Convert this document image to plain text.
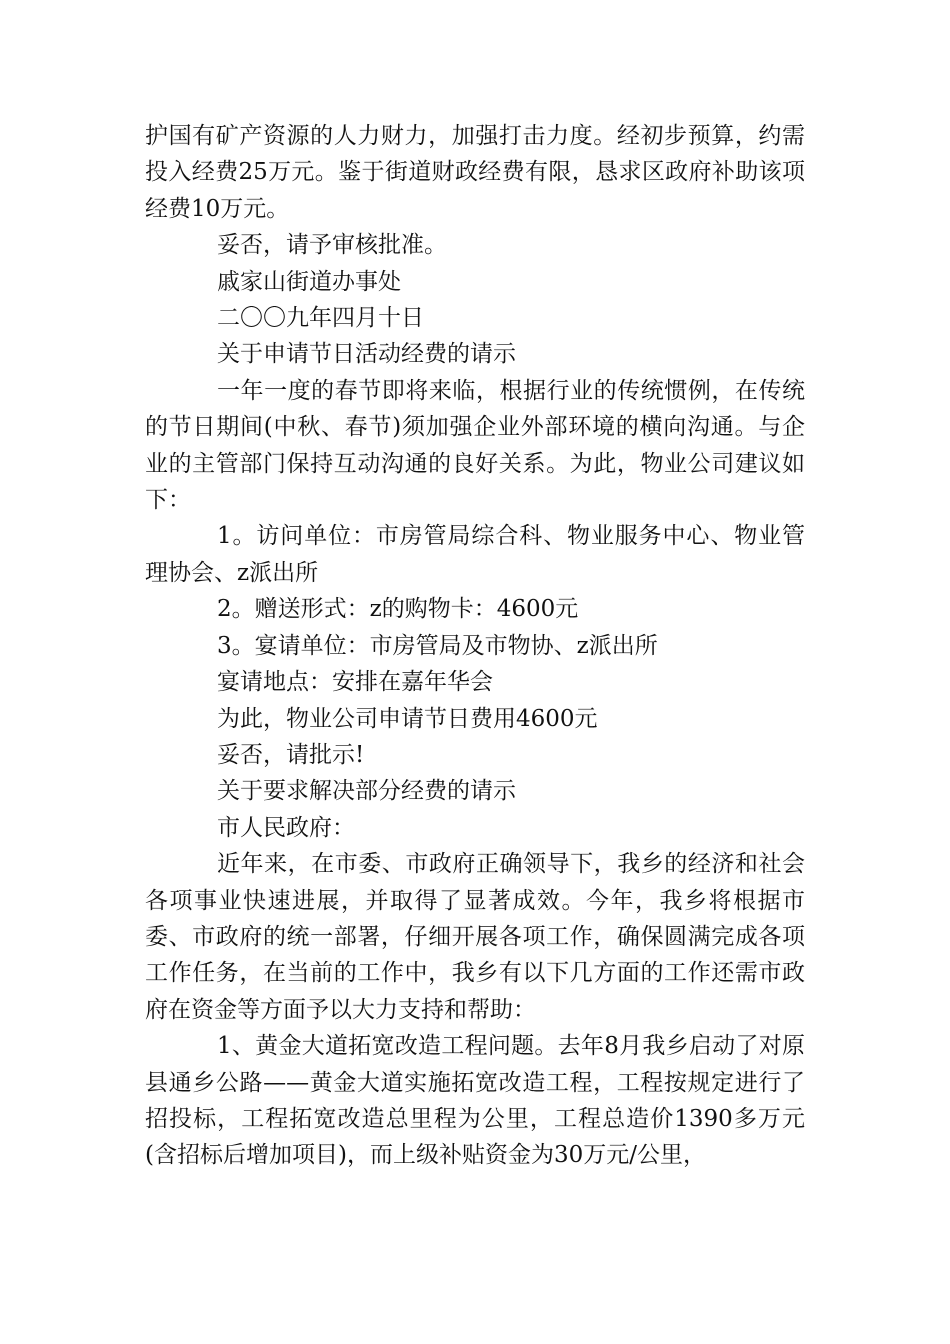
护国有矿产资源的人力财力，加强打击力度。经初步预算，约需投入经费25万元。鉴于街道财政经费有限，恳求区政府补助该项经费10万元。

妥否，请予审核批准。

戚家山街道办事处

二〇〇九年四月十日

关于申请节日活动经费的请示

一年一度的春节即将来临，根据行业的传统惯例，在传统的节日期间(中秋、春节)须加强企业外部环境的横向沟通。与企业的主管部门保持互动沟通的良好关系。为此，物业公司建议如下：

1。访问单位：市房管局综合科、物业服务中心、物业管理协会、z派出所

2。赠送形式：z的购物卡：4600元

3。宴请单位：市房管局及市物协、z派出所

宴请地点：安排在嘉年华会

为此，物业公司申请节日费用4600元

妥否，请批示!

关于要求解决部分经费的请示

市人民政府：

近年来，在市委、市政府正确领导下，我乡的经济和社会各项事业快速进展，并取得了显著成效。今年，我乡将根据市委、市政府的统一部署，仔细开展各项工作，确保圆满完成各项工作任务，在当前的工作中，我乡有以下几方面的工作还需市政府在资金等方面予以大力支持和帮助：

1、黄金大道拓宽改造工程问题。去年8月我乡启动了对原县通乡公路——黄金大道实施拓宽改造工程，工程按规定进行了招投标，工程拓宽改造总里程为公里，工程总造价1390多万元(含招标后增加项目)，而上级补贴资金为30万元/公里，
